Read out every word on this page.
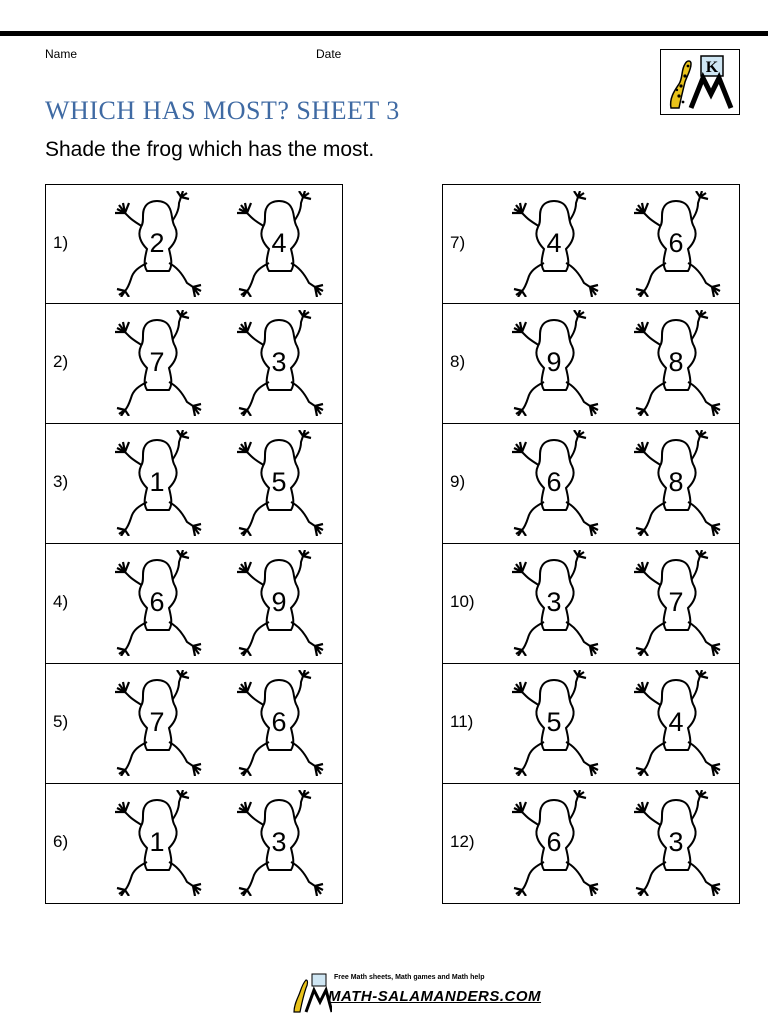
Name	Date
K
WHICH HAS MOST? SHEET 3

Shade the frog which has the most.

1)	2	4
2)	7	3
3)	1	5
4)	6	9
5)	7	6
6)	1	3
7)	4	6
8)	9	8
9)	6	8
10)	3	7
11)	5	4
12)	6	3
Free Math sheets, Math games and Math help
MATH-SALAMANDERS.COM
